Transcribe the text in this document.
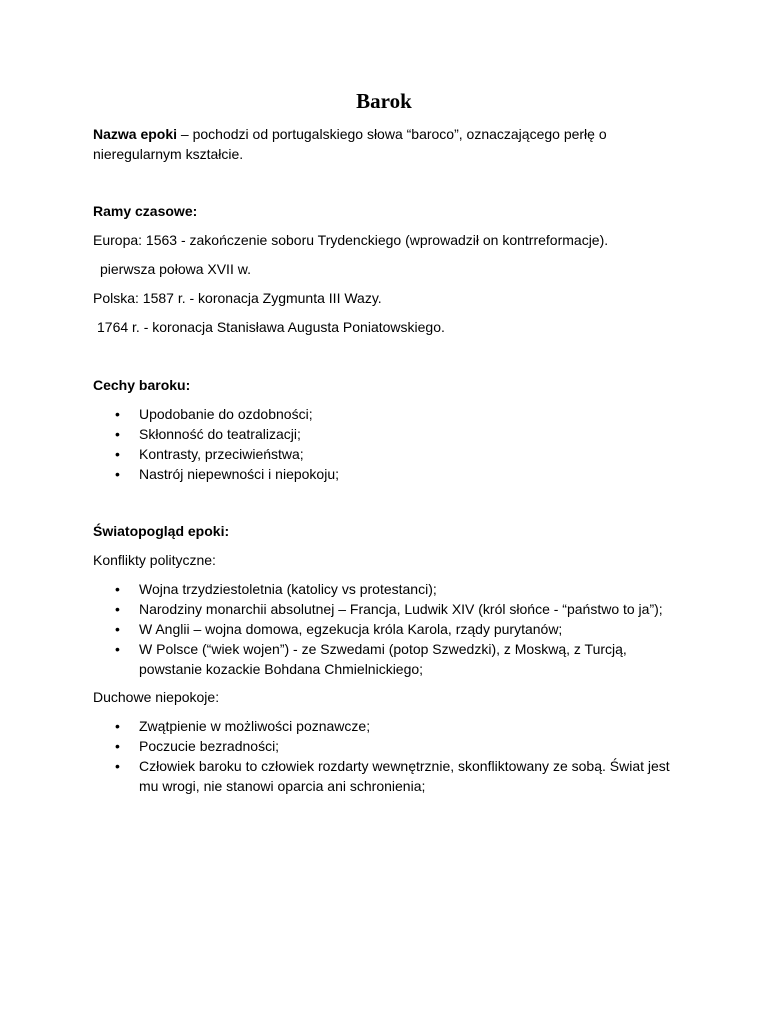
Barok
Nazwa epoki – pochodzi od portugalskiego słowa “baroco”, oznaczającego perłę o nieregularnym kształcie.
Ramy czasowe:
Europa: 1563 - zakończenie soboru Trydenckiego (wprowadził on kontrreformacje).
pierwsza połowa XVII w.
Polska: 1587 r. - koronacja Zygmunta III Wazy.
1764 r. - koronacja Stanisława Augusta Poniatowskiego.
Cechy baroku:
• Upodobanie do ozdobności;
• Skłonność do teatralizacji;
• Kontrasty, przeciwieństwa;
• Nastrój niepewności i niepokoju;
Światopogląd epoki:
Konflikty polityczne:
• Wojna trzydziestoletnia (katolicy vs protestanci);
• Narodziny monarchii absolutnej – Francja, Ludwik XIV (król słońce - “państwo to ja”);
• W Anglii – wojna domowa, egzekucja króla Karola, rządy purytanów;
• W Polsce (“wiek wojen”) - ze Szwedami (potop Szwedzki), z Moskwą, z Turcją, powstanie kozackie Bohdana Chmielnickiego;
Duchowe niepokoje:
• Zwątpienie w możliwości poznawcze;
• Poczucie bezradności;
• Człowiek baroku to człowiek rozdarty wewnętrznie, skonfliktowany ze sobą. Świat jest mu wrogi, nie stanowi oparcia ani schronienia;
